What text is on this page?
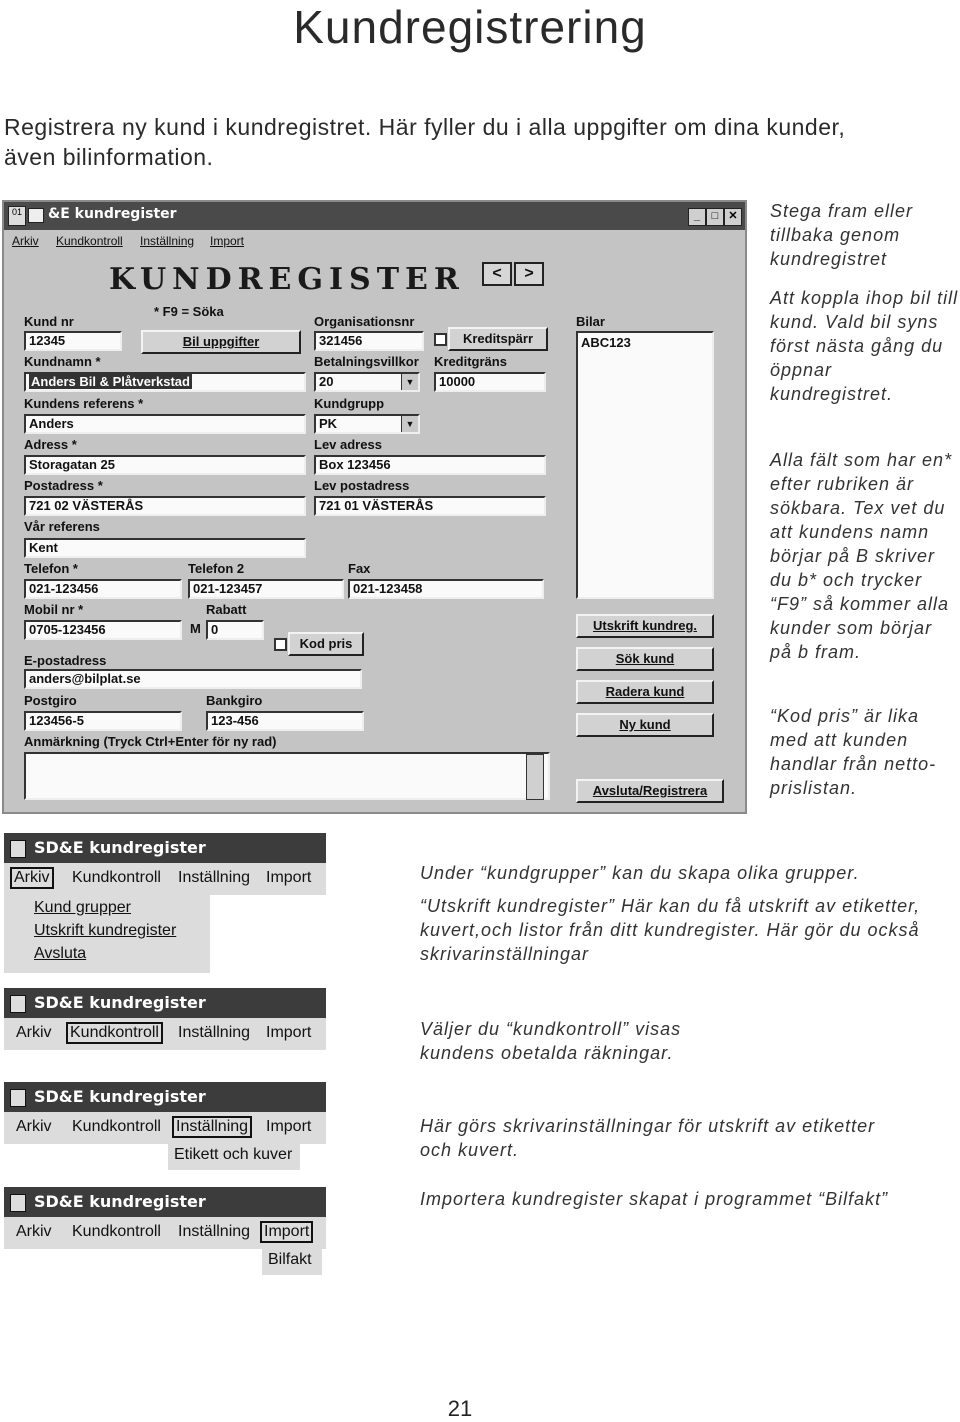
Kundregistrering
Registrera ny kund i kundregistret. Här fyller du i alla uppgifter om dina kunder, även bilinformation.
01 &E kundregister	_	□ ✕
Arkiv Kundkontroll Inställning Import
KUNDREGISTER	<	>
* F9 = Söka
Kund nr
12345	Bil uppgifter
Kundnamn *
Anders Bil & Plåtverkstad
Kundens referens *
Anders
Adress *
Storagatan 25
Postadress *
721 02 VÄSTERÅS
Vår referens
Kent
Telefon *
021-123456
Telefon 2
021-123457
Fax
021-123458
Mobil nr *
0705-123456
Rabatt
M 0
Kod pris
E-postadress
anders@bilplat.se
Postgiro
123456-5
Bankgiro
123-456
Anmärkning (Tryck Ctrl+Enter för ny rad)
Organisationsnr
321456	Kreditspärr
Betalningsvillkor
20	▼
Kreditgräns
10000
Kundgrupp
PK	▼
Lev adress
Box 123456
Lev postadress
721 01 VÄSTERÅS
Bilar
ABC123
Utskrift kundreg.
Sök kund
Radera kund
Ny kund
Avsluta/Registrera
Stega fram eller tillbaka genom kundregistret
Att koppla ihop bil till kund. Vald bil syns först nästa gång du öppnar kundregistret.
Alla fält som har en* efter rubriken är sökbara. Tex vet du att kundens namn börjar på B skriver du b* och trycker “F9” så kommer alla kunder som börjar på b fram.
“Kod pris” är lika med att kunden handlar från netto-prislistan.
SD&E kundregister
Arkiv Kundkontroll Inställning Import
Kund grupper
Utskrift kundregister
Avsluta
SD&E kundregister
Arkiv Kundkontroll Inställning Import
SD&E kundregister
Arkiv Kundkontroll Inställning Import
Etikett och kuver
SD&E kundregister
Arkiv Kundkontroll Inställning Import
Bilfakt
Under “kundgrupper” kan du skapa olika grupper.
“Utskrift kundregister” Här kan du få utskrift av etiketter, kuvert,och listor från ditt kundregister. Här gör du också skrivarinställningar
Väljer du “kundkontroll” visas kundens obetalda räkningar.
Här görs skrivarinställningar för utskrift av etiketter och kuvert.
Importera kundregister skapat i programmet “Bilfakt”
21
